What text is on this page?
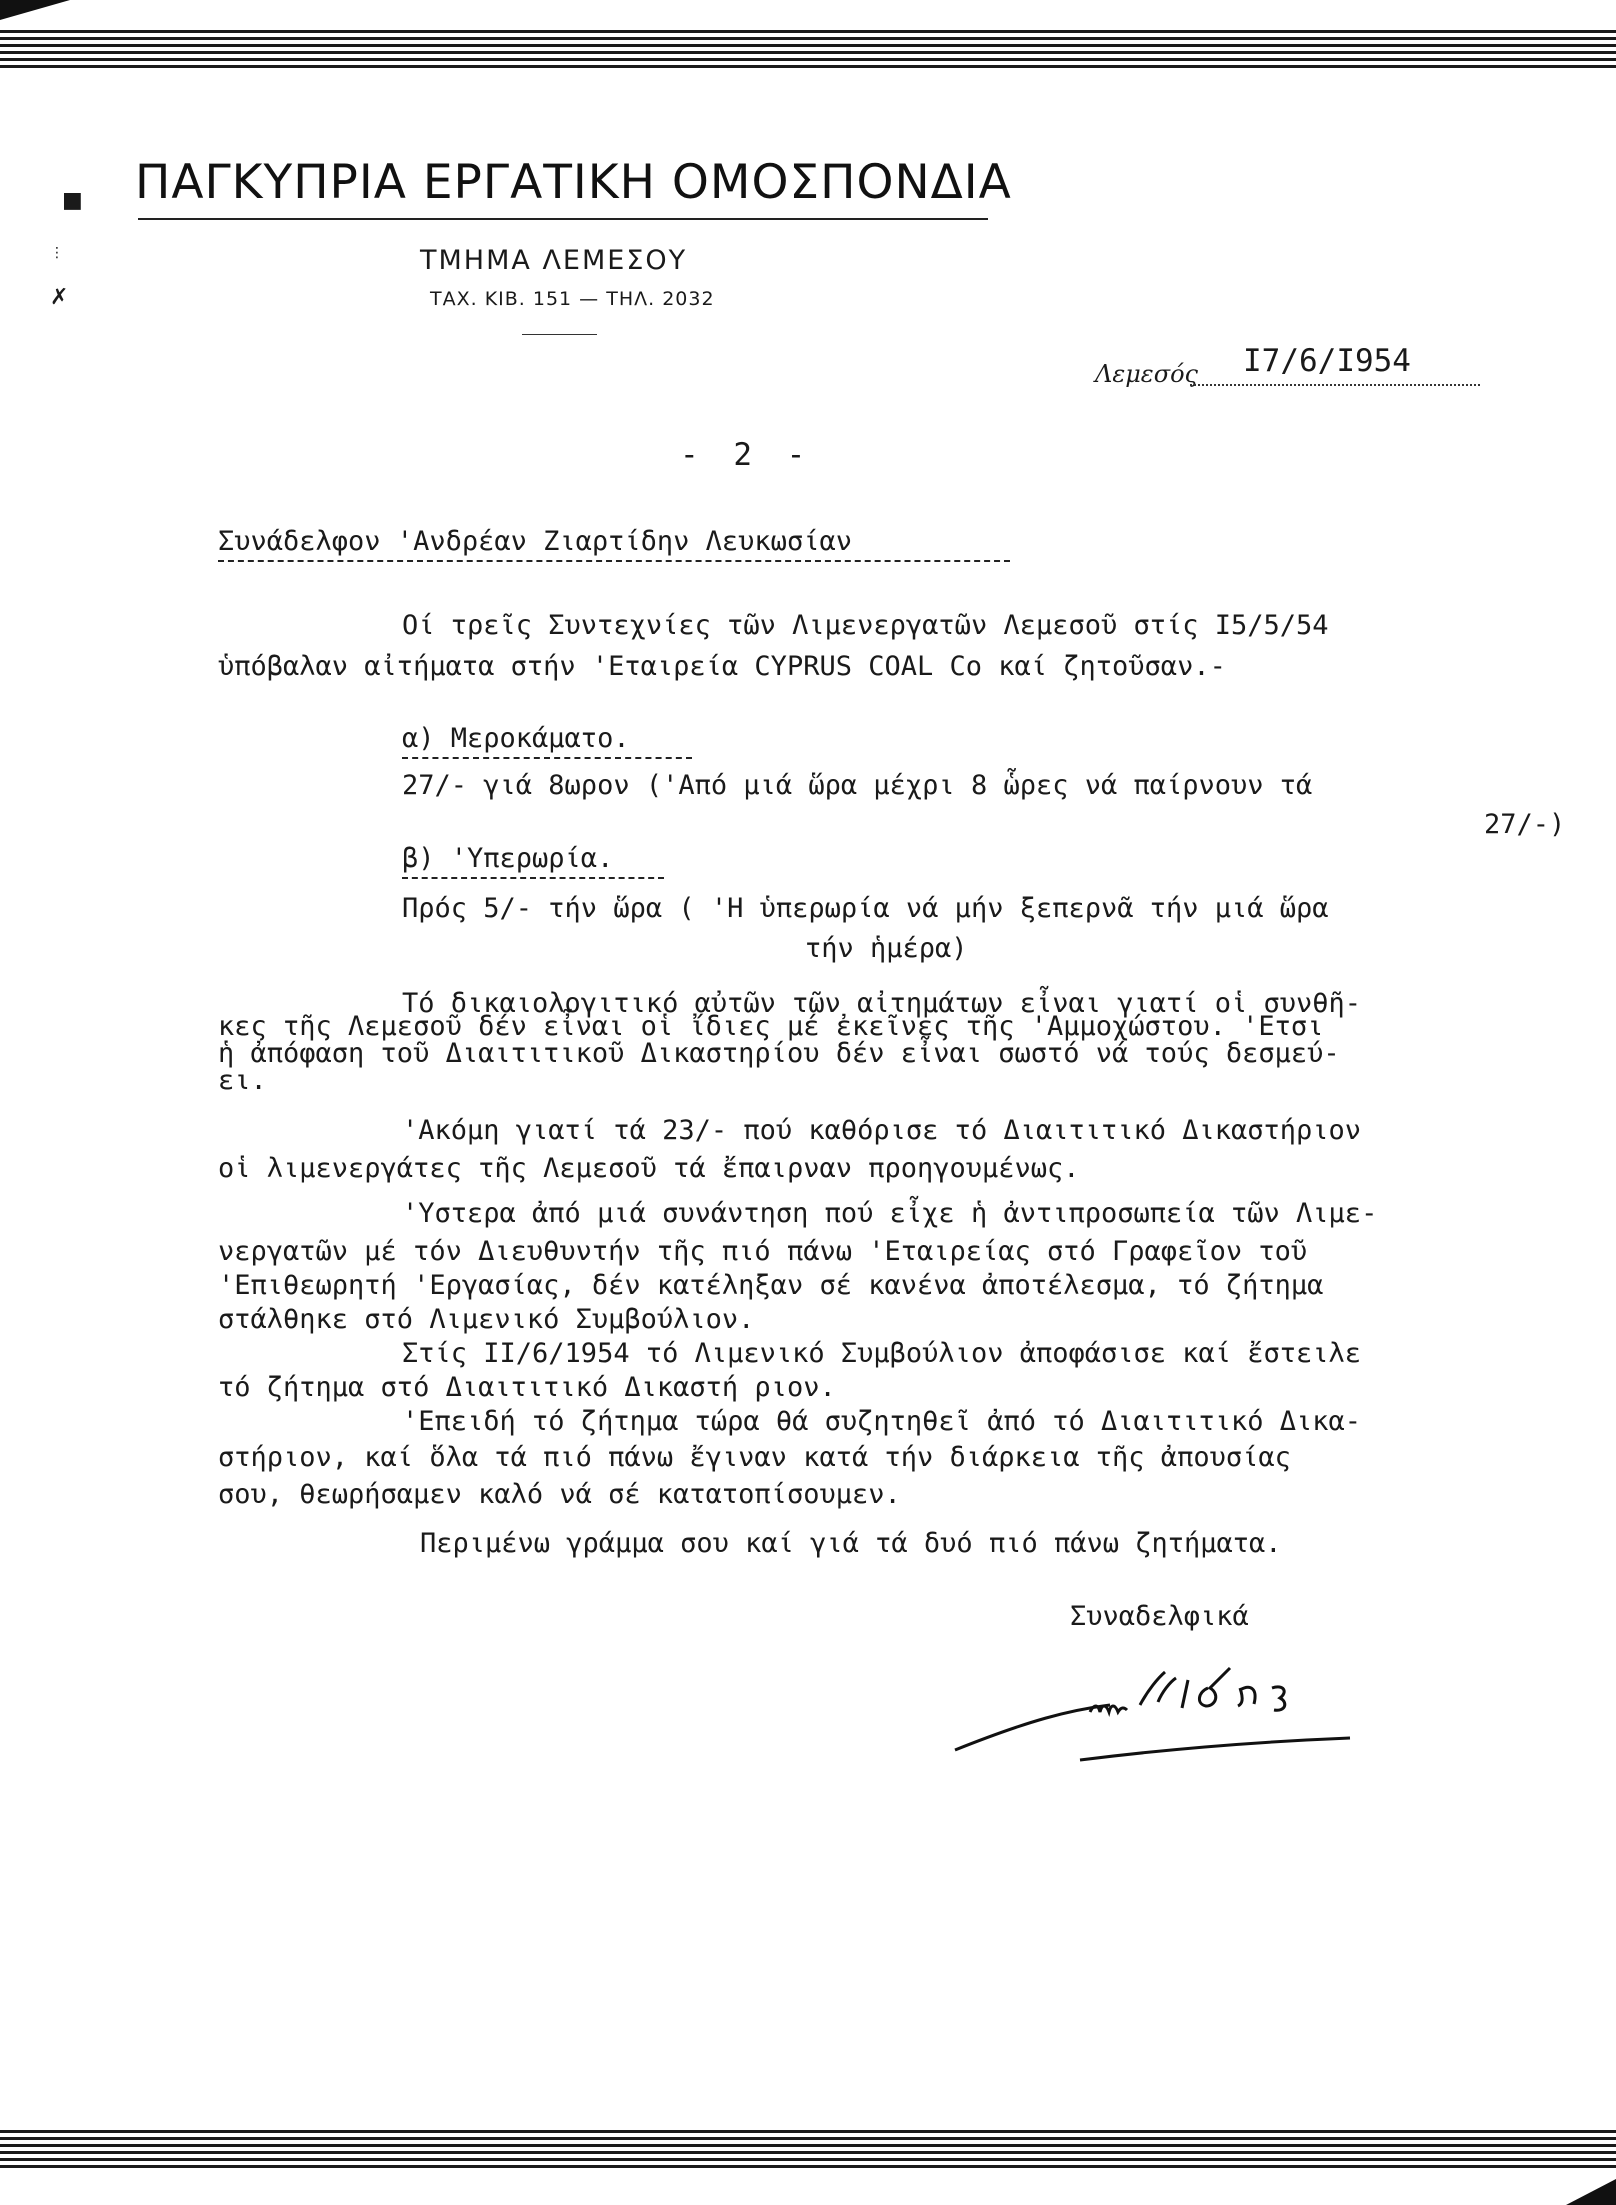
■
⋮
✗
ΠΑΓΚΥΠΡΙΑ ΕΡΓΑΤΙΚΗ ΟΜΟΣΠΟΝΔΙΑ
ΤΜΗΜΑ ΛΕΜΕΣΟΥ
ΤΑΧ. ΚΙΒ. 151 — ΤΗΛ. 2032
Λεμεσός I7/6/I954
- 2 -
Συνάδελφον 'Ανδρέαν Ζιαρτίδην Λευκωσίαν
Οί τρεῖς Συντεχνίες τῶν Λιμενεργατῶν Λεμεσοῦ στίς I5/5/54
ὑπόβαλαν αἰτήματα στήν 'Εταιρεία CYPRUS COAL Co καί ζητοῦσαν.-
α) Μεροκάματο.
27/- γιά 8ωρον ('Από μιά ὥρα μέχρι 8 ὧρες νά παίρνουν τά
27/-)
β) 'Υπερωρία.
Πρός 5/- τήν ὥρα ( 'Η ὑπερωρία νά μήν ξεπερνᾶ τήν μιά ὥρα
τήν ἡμέρα)
Τό δικαιολογιτικό αὐτῶν τῶν αἰτημάτων εἶναι γιατί οἱ συνθῆ-
κες τῆς Λεμεσοῦ δέν εἶναι οἱ ἴδιες μέ ἐκεῖνες τῆς 'Αμμοχώστου. 'Ετσι
ἡ ἀπόφαση τοῦ Διαιτιτικοῦ Δικαστηρίου δέν εἶναι σωστό νά τούς δεσμεύ-
ει.
'Ακόμη γιατί τά 23/- πού καθόρισε τό Διαιτιτικό Δικαστήριον
οἱ λιμενεργάτες τῆς Λεμεσοῦ τά ἔπαιρναν προηγουμένως.
'Υστερα ἀπό μιά συνάντηση πού εἶχε ἡ ἀντιπροσωπεία τῶν Λιμε-
νεργατῶν μέ τόν Διευθυντήν τῆς πιό πάνω 'Εταιρείας στό Γραφεῖον τοῦ
'Επιθεωρητή 'Εργασίας, δέν κατέληξαν σέ κανένα ἀποτέλεσμα, τό ζήτημα
στάλθηκε στό Λιμενικό Συμβούλιον.
Στίς II/6/1954 τό Λιμενικό Συμβούλιον ἀποφάσισε καί ἔστειλε
τό ζήτημα στό Διαιτιτικό Δικαστή ριον.
'Επειδή τό ζήτημα τώρα θά συζητηθεῖ ἀπό τό Διαιτιτικό Δικα-
στήριον, καί ὅλα τά πιό πάνω ἔγιναν κατά τήν διάρκεια τῆς ἀπουσίας
σου, θεωρήσαμεν καλό νά σέ κατατοπίσουμεν.
Περιμένω γράμμα σου καί γιά τά δυό πιό πάνω ζητήματα.
Συναδελφικά
